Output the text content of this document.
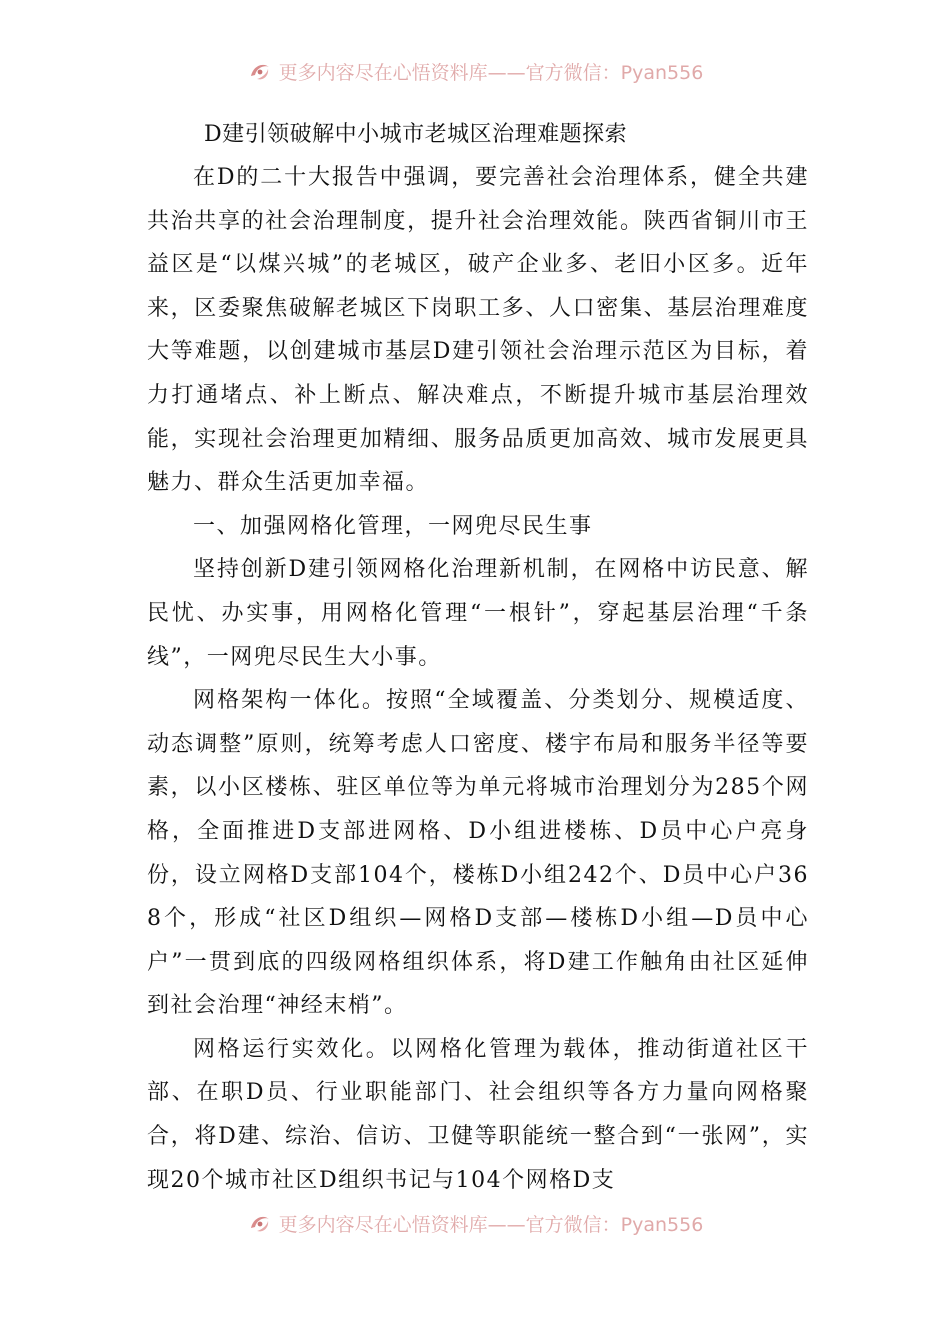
更多内容尽在心悟资料库——官方微信：Pyan556
D建引领破解中小城市老城区治理难题探索

在D的二十大报告中强调，要完善社会治理体系，健全共建共治共享的社会治理制度，提升社会治理效能。陕西省铜川市王益区是“以煤兴城”的老城区，破产企业多、老旧小区多。近年来，区委聚焦破解老城区下岗职工多、人口密集、基层治理难度大等难题，以创建城市基层D建引领社会治理示范区为目标，着力打通堵点、补上断点、解决难点，不断提升城市基层治理效能，实现社会治理更加精细、服务品质更加高效、城市发展更具魅力、群众生活更加幸福。

一、加强网格化管理，一网兜尽民生事

坚持创新D建引领网格化治理新机制，在网格中访民意、解民忧、办实事，用网格化管理“一根针”，穿起基层治理“千条线”，一网兜尽民生大小事。

网格架构一体化。按照“全域覆盖、分类划分、规模适度、动态调整”原则，统筹考虑人口密度、楼宇布局和服务半径等要素，以小区楼栋、驻区单位等为单元将城市治理划分为285个网格，全面推进D支部进网格、D小组进楼栋、D员中心户亮身份，设立网格D支部104个，楼栋D小组242个、D员中心户368个，形成“社区D组织—网格D支部—楼栋D小组—D员中心户”一贯到底的四级网格组织体系，将D建工作触角由社区延伸到社会治理“神经末梢”。

网格运行实效化。以网格化管理为载体，推动街道社区干部、在职D员、行业职能部门、社会组织等各方力量向网格聚合，将D建、综治、信访、卫健等职能统一整合到“一张网”，实现20个城市社区D组织书记与104个网格D支

更多内容尽在心悟资料库——官方微信：Pyan556
